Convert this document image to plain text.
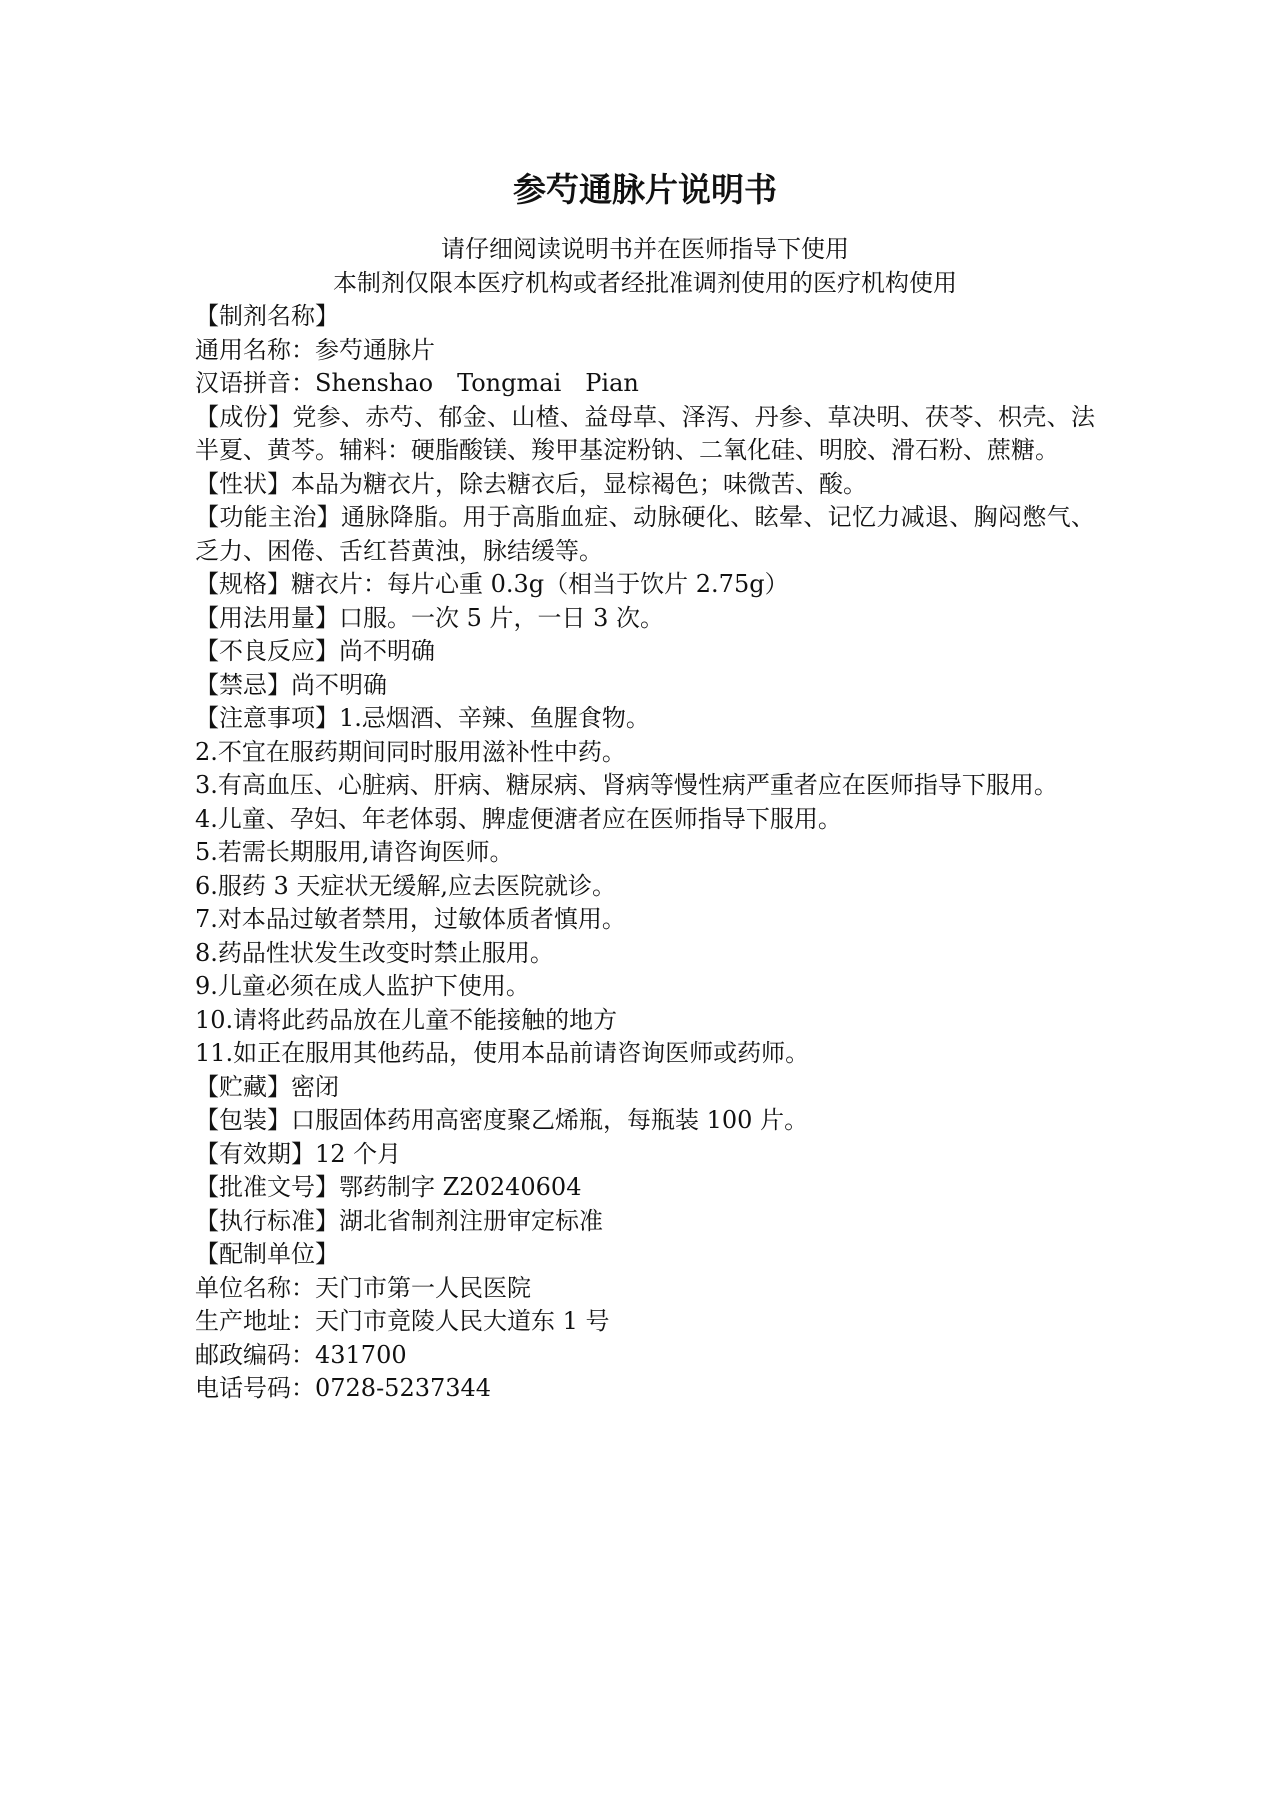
参芍通脉片说明书

请仔细阅读说明书并在医师指导下使用

本制剂仅限本医疗机构或者经批准调剂使用的医疗机构使用

【制剂名称】

通用名称：参芍通脉片

汉语拼音：Shenshao　Tongmai　Pian

【成份】党参、赤芍、郁金、山楂、益母草、泽泻、丹参、草决明、茯苓、枳壳、法半夏、黄芩。辅料：硬脂酸镁、羧甲基淀粉钠、二氧化硅、明胶、滑石粉、蔗糖。

【性状】本品为糖衣片，除去糖衣后，显棕褐色；味微苦、酸。

【功能主治】通脉降脂。用于高脂血症、动脉硬化、眩晕、记忆力减退、胸闷憋气、乏力、困倦、舌红苔黄浊，脉结缓等。

【规格】糖衣片：每片心重 0.3g（相当于饮片 2.75g）

【用法用量】口服。一次 5 片，一日 3 次。

【不良反应】尚不明确

【禁忌】尚不明确

【注意事项】1.忌烟酒、辛辣、鱼腥食物。

2.不宜在服药期间同时服用滋补性中药。

3.有高血压、心脏病、肝病、糖尿病、肾病等慢性病严重者应在医师指导下服用。

4.儿童、孕妇、年老体弱、脾虚便溏者应在医师指导下服用。

5.若需长期服用,请咨询医师。

6.服药 3 天症状无缓解,应去医院就诊。

7.对本品过敏者禁用，过敏体质者慎用。

8.药品性状发生改变时禁止服用。

9.儿童必须在成人监护下使用。

10.请将此药品放在儿童不能接触的地方

11.如正在服用其他药品，使用本品前请咨询医师或药师。

【贮藏】密闭

【包装】口服固体药用高密度聚乙烯瓶，每瓶装 100 片。

【有效期】12 个月

【批准文号】鄂药制字 Z20240604

【执行标准】湖北省制剂注册审定标准

【配制单位】

单位名称：天门市第一人民医院

生产地址：天门市竟陵人民大道东 1 号

邮政编码：431700

电话号码：0728-5237344
